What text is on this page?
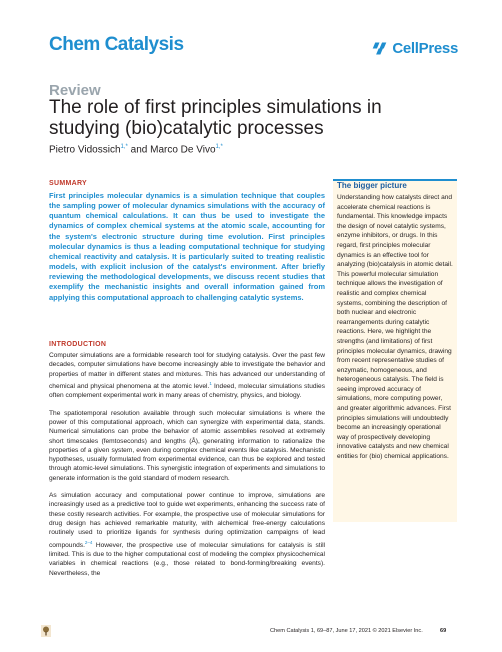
Chem Catalysis	CellPress
Review
The role of first principles simulations in studying (bio)catalytic processes
Pietro Vidossich$^{1,*}$ and Marco De Vivo$^{1,*}$
SUMMARY
First principles molecular dynamics is a simulation technique that couples the sampling power of molecular dynamics simulations with the accuracy of quantum chemical calculations. It can thus be used to investigate the dynamics of complex chemical systems at the atomic scale, accounting for the system's electronic structure during time evolution. First principles molecular dynamics is thus a leading computational technique for studying chemical reactivity and catalysis. It is particularly suited to treating realistic models, with explicit inclusion of the catalyst's environment. After briefly reviewing the methodological developments, we discuss recent studies that exemplify the mechanistic insights and overall information gained from applying this computational approach to challenging catalytic systems.
INTRODUCTION

Computer simulations are a formidable research tool for studying catalysis. Over the past few decades, computer simulations have become increasingly able to investigate the behavior and properties of matter in different states and mixtures. This has advanced our understanding of chemical and physical phenomena at the atomic level.$^1$ Indeed, molecular simulations studies often complement experimental work in many areas of chemistry, physics, and biology.

The spatiotemporal resolution available through such molecular simulations is where the power of this computational approach, which can synergize with experimental data, stands. Numerical simulations can probe the behavior of atomic assemblies resolved at extremely short timescales (femtoseconds) and lengths (Å), generating information to rationalize the properties of a given system, even during complex chemical events like catalysis. Mechanistic hypotheses, usually formulated from experimental evidence, can thus be explored and tested through atomic-level simulations. This synergistic integration of experiments and simulations to generate information is the gold standard of modern research.

As simulation accuracy and computational power continue to improve, simulations are increasingly used as a predictive tool to guide wet experiments, enhancing the success rate of these costly research activities. For example, the prospective use of molecular simulations for drug design has achieved remarkable maturity, with alchemical free-energy calculations routinely used to prioritize ligands for synthesis during optimization campaigns of lead compounds.$^{2-4}$ However, the prospective use of molecular simulations for catalysis is still limited. This is due to the higher computational cost of modeling the complex physicochemical variables in chemical reactions (e.g., those related to bond-forming/breaking events). Nevertheless, the

The bigger picture
Understanding how catalysts direct and accelerate chemical reactions is fundamental. This knowledge impacts the design of novel catalytic systems, enzyme inhibitors, or drugs. In this regard, first principles molecular dynamics is an effective tool for analyzing (bio)catalysis in atomic detail. This powerful molecular simulation technique allows the investigation of realistic and complex chemical systems, combining the description of both nuclear and electronic rearrangements during catalytic reactions. Here, we highlight the strengths (and limitations) of first principles molecular dynamics, drawing from recent representative studies of enzymatic, homogeneous, and heterogeneous catalysis. The field is seeing improved accuracy of simulations, more computing power, and greater algorithmic advances. First principles simulations will undoubtedly become an increasingly operational way of prospectively developing innovative catalysts and new chemical entities for (bio) chemical applications.
Chem Catalysis 1, 69–87, June 17, 2021 © 2021 Elsevier Inc.	69
